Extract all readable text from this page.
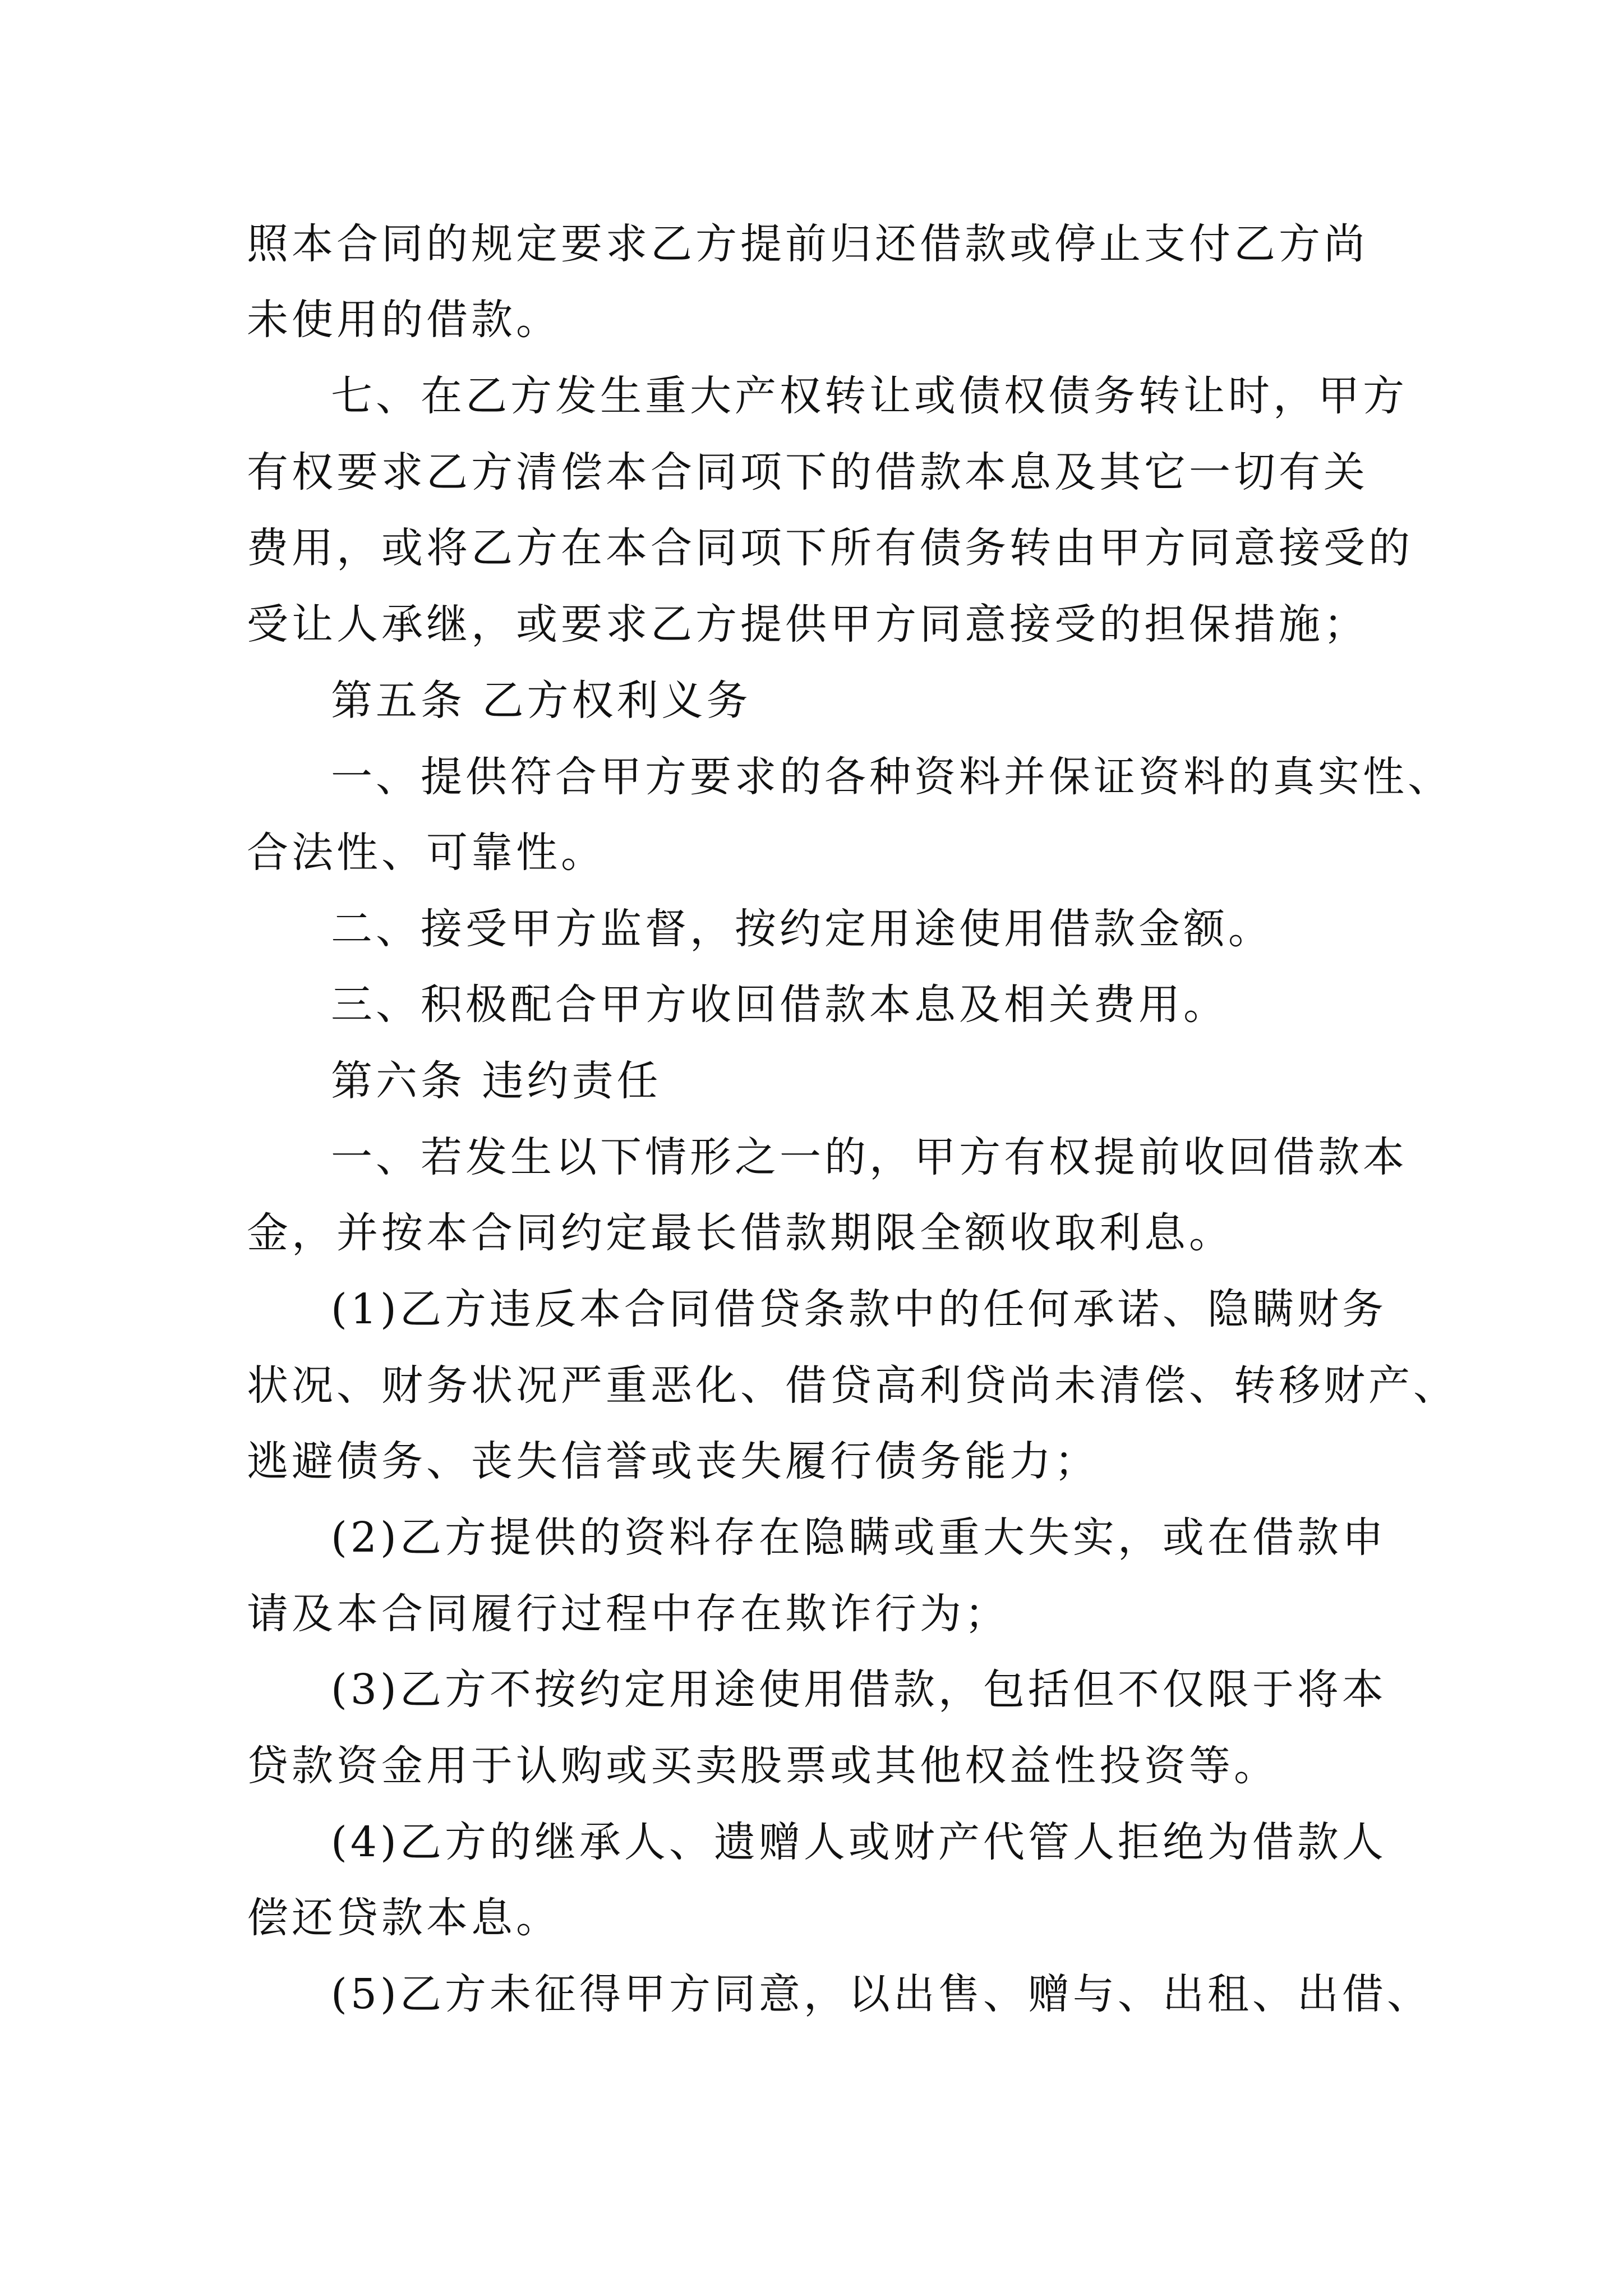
照本合同的规定要求乙方提前归还借款或停止支付乙方尚
未使用的借款。
七、在乙方发生重大产权转让或债权债务转让时，甲方
有权要求乙方清偿本合同项下的借款本息及其它一切有关
费用，或将乙方在本合同项下所有债务转由甲方同意接受的
受让人承继，或要求乙方提供甲方同意接受的担保措施；
第五条 乙方权利义务
一、提供符合甲方要求的各种资料并保证资料的真实性、
合法性、可靠性。
二、接受甲方监督，按约定用途使用借款金额。
三、积极配合甲方收回借款本息及相关费用。
第六条 违约责任
一、若发生以下情形之一的，甲方有权提前收回借款本
金，并按本合同约定最长借款期限全额收取利息。
(1)乙方违反本合同借贷条款中的任何承诺、隐瞒财务
状况、财务状况严重恶化、借贷高利贷尚未清偿、转移财产、
逃避债务、丧失信誉或丧失履行债务能力；
(2)乙方提供的资料存在隐瞒或重大失实，或在借款申
请及本合同履行过程中存在欺诈行为；
(3)乙方不按约定用途使用借款，包括但不仅限于将本
贷款资金用于认购或买卖股票或其他权益性投资等。
(4)乙方的继承人、遗赠人或财产代管人拒绝为借款人
偿还贷款本息。
(5)乙方未征得甲方同意，以出售、赠与、出租、出借、
